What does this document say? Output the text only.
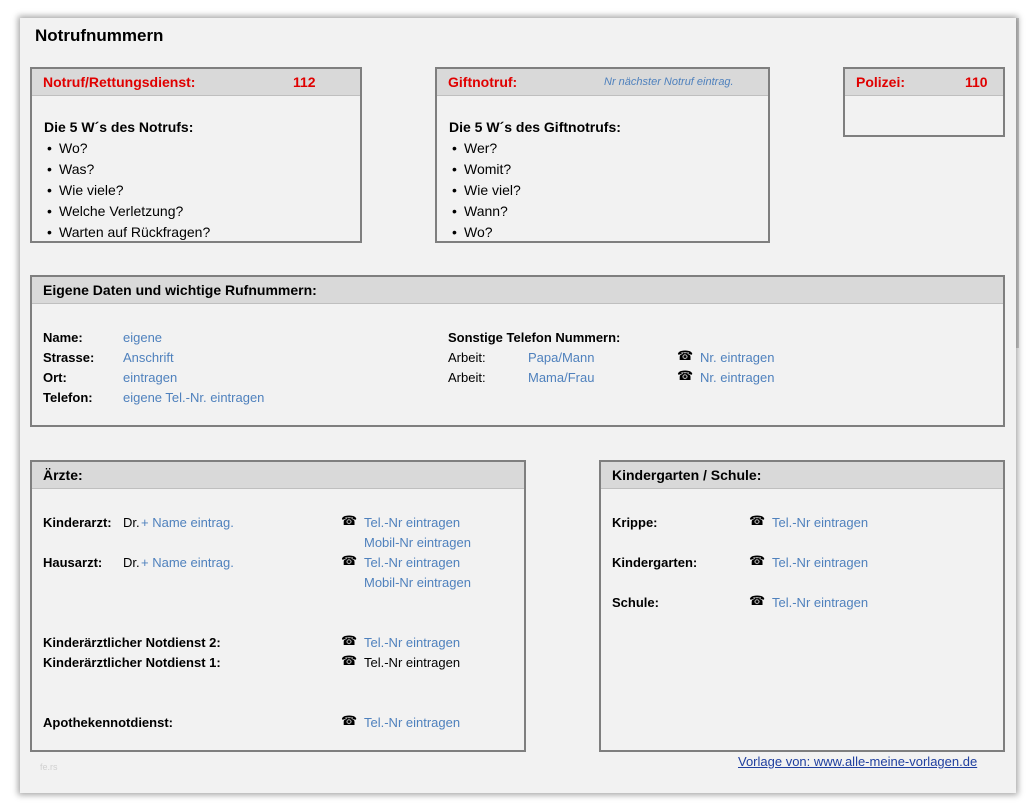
Notrufnummern
Notruf/Rettungsdienst:	112
Die 5 W´s des Notrufs:
• Wo?
• Was?
• Wie viele?
• Welche Verletzung?
• Warten auf Rückfragen?
Giftnotruf:	Nr nächster Notruf eintrag.
Die 5 W´s des Giftnotrufs:
• Wer?
• Womit?
• Wie viel?
• Wann?
• Wo?
Polizei:	110
Eigene Daten und wichtige Rufnummern:
Name:	eigene
Strasse: Anschrift
Ort:	eintragen
Telefon: eigene Tel.-Nr. eintragen
Sonstige Telefon Nummern:
Arbeit:	Papa/Mann	☎ Nr. eintragen
Arbeit:	Mama/Frau	☎ Nr. eintragen
Ärzte:
Kinderarzt: Dr. + Name eintrag.	☎ Tel.-Nr eintragen
Mobil-Nr eintragen
Hausarzt: Dr. + Name eintrag.	☎ Tel.-Nr eintragen
Mobil-Nr eintragen
Kinderärztlicher Notdienst 2:	☎ Tel.-Nr eintragen
Kinderärztlicher Notdienst 1:	☎ Tel.-Nr eintragen
Apothekennotdienst:	☎ Tel.-Nr eintragen
Kindergarten / Schule:
Krippe:	☎ Tel.-Nr eintragen
Kindergarten:	☎ Tel.-Nr eintragen
Schule:	☎ Tel.-Nr eintragen
fe.rs	Vorlage von: www.alle-meine-vorlagen.de
